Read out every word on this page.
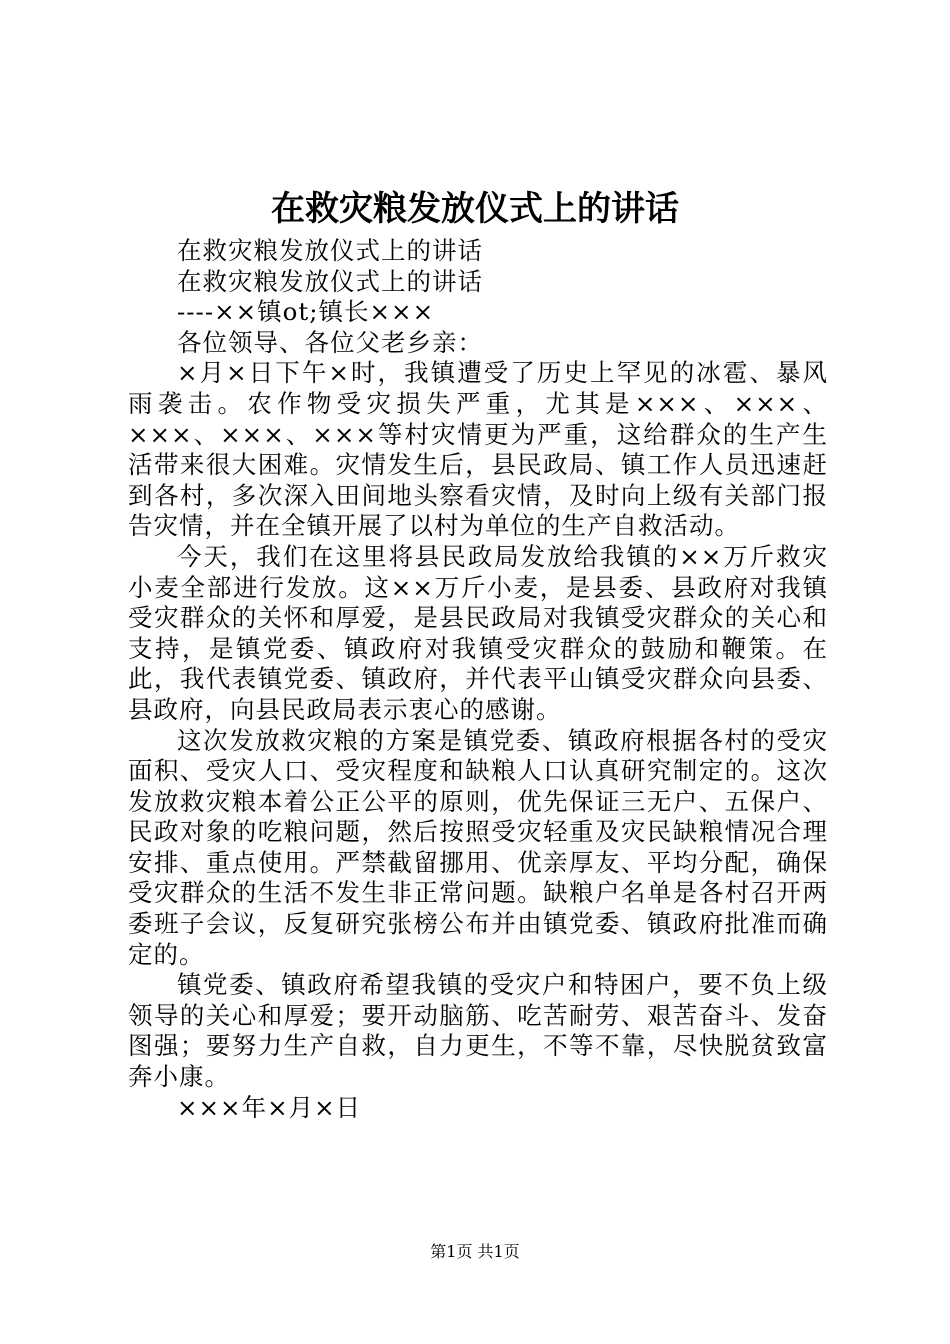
在救灾粮发放仪式上的讲话

在救灾粮发放仪式上的讲话

在救灾粮发放仪式上的讲话

----××镇ot;镇长×××

各位领导、各位父老乡亲：

×月×日下午×时，我镇遭受了历史上罕见的冰雹、暴风雨袭击。农作物受灾损失严重，尤其是×××、×××、×××、×××、×××等村灾情更为严重，这给群众的生产生活带来很大困难。灾情发生后，县民政局、镇工作人员迅速赶到各村，多次深入田间地头察看灾情，及时向上级有关部门报告灾情，并在全镇开展了以村为单位的生产自救活动。

今天，我们在这里将县民政局发放给我镇的××万斤救灾小麦全部进行发放。这××万斤小麦，是县委、县政府对我镇受灾群众的关怀和厚爱，是县民政局对我镇受灾群众的关心和支持，是镇党委、镇政府对我镇受灾群众的鼓励和鞭策。在此，我代表镇党委、镇政府，并代表平山镇受灾群众向县委、县政府，向县民政局表示衷心的感谢。

这次发放救灾粮的方案是镇党委、镇政府根据各村的受灾面积、受灾人口、受灾程度和缺粮人口认真研究制定的。这次发放救灾粮本着公正公平的原则，优先保证三无户、五保户、民政对象的吃粮问题，然后按照受灾轻重及灾民缺粮情况合理安排、重点使用。严禁截留挪用、优亲厚友、平均分配，确保受灾群众的生活不发生非正常问题。缺粮户名单是各村召开两委班子会议，反复研究张榜公布并由镇党委、镇政府批准而确定的。

镇党委、镇政府希望我镇的受灾户和特困户，要不负上级领导的关心和厚爱；要开动脑筋、吃苦耐劳、艰苦奋斗、发奋图强；要努力生产自救，自力更生，不等不靠，尽快脱贫致富奔小康。

×××年×月×日

第1页 共1页
